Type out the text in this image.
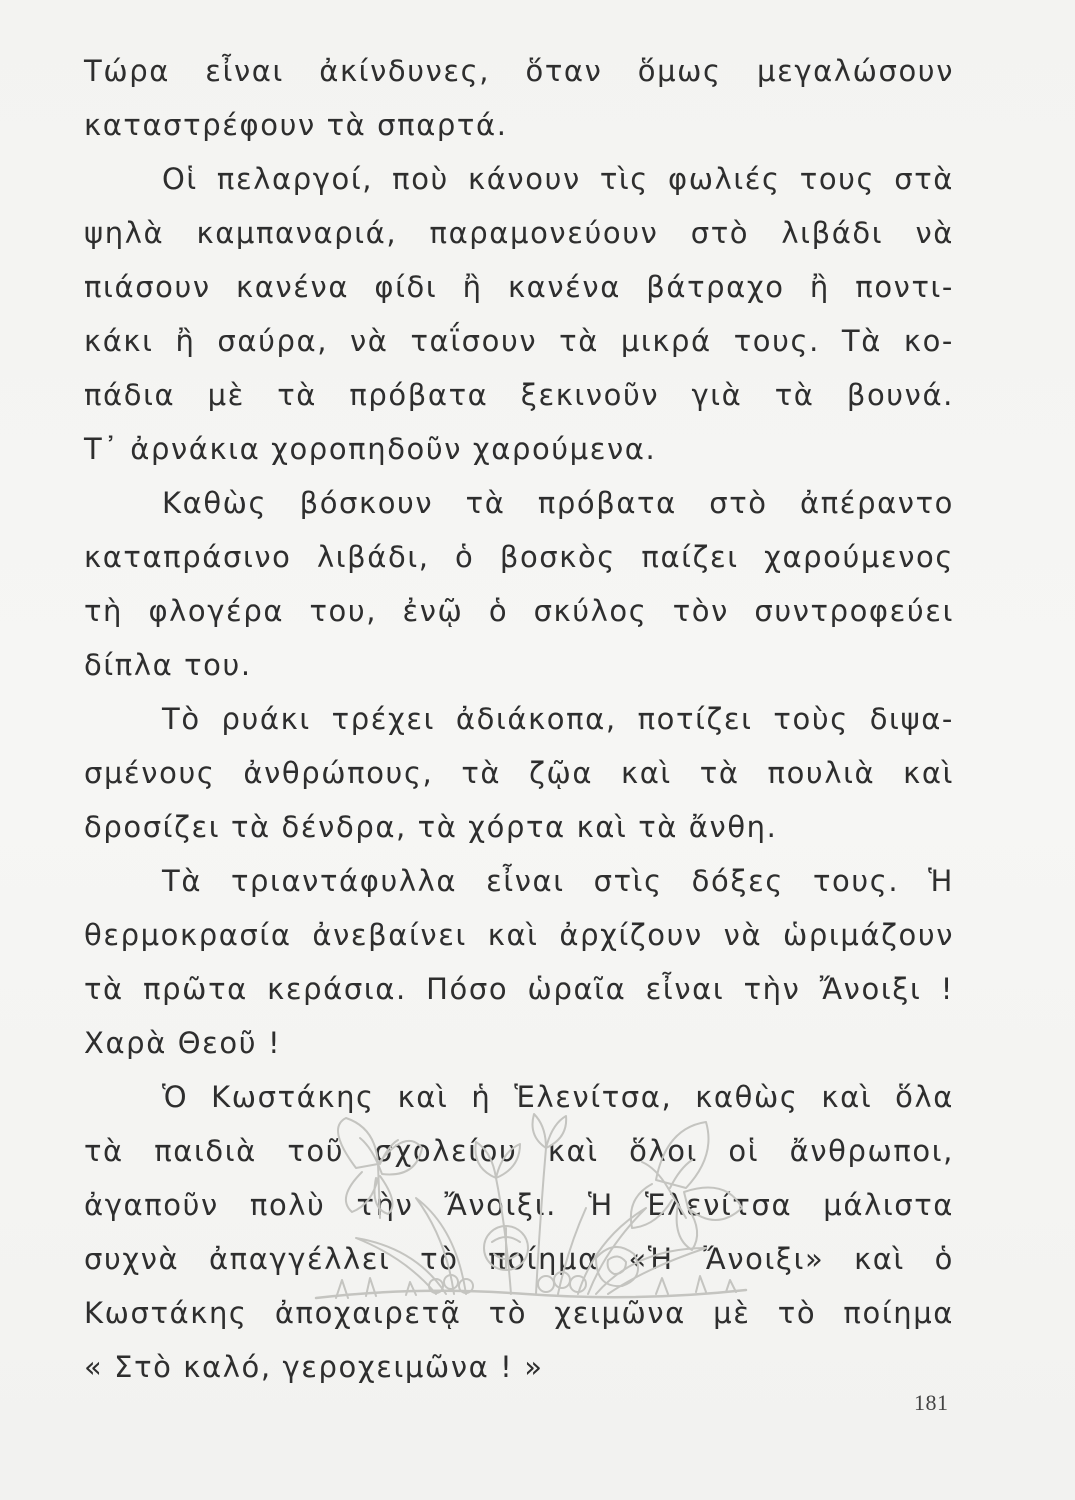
Τώρα εἶναι ἀκίνδυνες, ὅταν ὅμως μεγαλώσουν
καταστρέφουν τὰ σπαρτά.
Οἱ πελαργοί, ποὺ κάνουν τὶς φωλιές τους στὰ
ψηλὰ καμπαναριά, παραμονεύουν στὸ λιβάδι νὰ
πιάσουν κανένα φίδι ἢ κανένα βάτραχο ἢ ποντι-
κάκι ἢ σαύρα, νὰ ταΐσουν τὰ μικρά τους. Τὰ κο-
πάδια μὲ τὰ πρόβατα ξεκινοῦν γιὰ τὰ βουνά.
Τ᾿ ἀρνάκια χοροπηδοῦν χαρούμενα.
Καθὼς βόσκουν τὰ πρόβατα στὸ ἀπέραντο
καταπράσινο λιβάδι, ὁ βοσκὸς παίζει χαρούμενος
τὴ φλογέρα του, ἐνῷ ὁ σκύλος τὸν συντροφεύει
δίπλα του.
Τὸ ρυάκι τρέχει ἀδιάκοπα, ποτίζει τοὺς διψα-
σμένους ἀνθρώπους, τὰ ζῷα καὶ τὰ πουλιὰ καὶ
δροσίζει τὰ δένδρα, τὰ χόρτα καὶ τὰ ἄνθη.
Τὰ τριαντάφυλλα εἶναι στὶς δόξες τους. Ἡ
θερμοκρασία ἀνεβαίνει καὶ ἀρχίζουν νὰ ὡριμάζουν
τὰ πρῶτα κεράσια. Πόσο ὡραῖα εἶναι τὴν Ἄνοιξι !
Χαρὰ Θεοῦ !
Ὁ Κωστάκης καὶ ἡ Ἑλενίτσα, καθὼς καὶ ὅλα
τὰ παιδιὰ τοῦ σχολείου καὶ ὅλοι οἱ ἄνθρωποι,
ἀγαποῦν πολὺ τὴν Ἄνοιξι. Ἡ Ἑλενίτσα μάλιστα
συχνὰ ἀπαγγέλλει τὸ ποίημα «Ἡ Ἄνοιξι» καὶ ὁ
Κωστάκης ἀποχαιρετᾷ τὸ χειμῶνα μὲ τὸ ποίημα
« Στὸ καλό, γεροχειμῶνα ! »
181
